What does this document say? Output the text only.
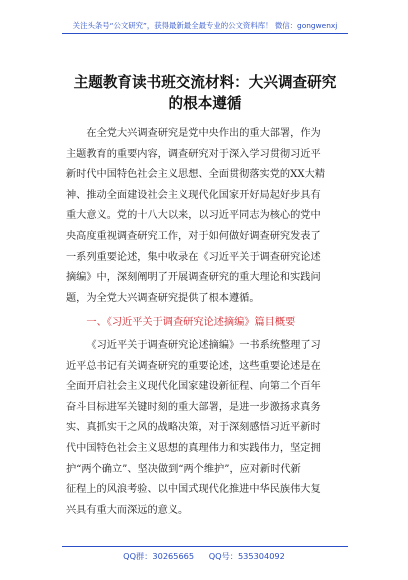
关注头条号“公文研究”，获得最新最全最专业的公文资料库！ 微信：gongwenxj
主题教育读书班交流材料：大兴调查研究
的根本遵循
在全党大兴调查研究是党中央作出的重大部署，作为
主题教育的重要内容，调查研究对于深入学习贯彻习近平
新时代中国特色社会主义思想、全面贯彻落实党的XX大精
神、推动全面建设社会主义现代化国家开好局起好步具有
重大意义。党的十八大以来，以习近平同志为核心的党中
央高度重视调查研究工作，对于如何做好调查研究发表了
一系列重要论述，集中收录在《习近平关于调查研究论述
摘编》中，深刻阐明了开展调查研究的重大理论和实践问
题，为全党大兴调查研究提供了根本遵循。
一、《习近平关于调查研究论述摘编》篇目概要
《习近平关于调查研究论述摘编》一书系统整理了习
近平总书记有关调查研究的重要论述，这些重要论述是在
全面开启社会主义现代化国家建设新征程、向第二个百年
奋斗目标进军关键时刻的重大部署，是进一步激扬求真务
实、真抓实干之风的战略决策，对于深刻感悟习近平新时
代中国特色社会主义思想的真理伟力和实践伟力，坚定拥
护“两个确立”、坚决做到“两个维护”，应对新时代新
征程上的风浪考验、以中国式现代化推进中华民族伟大复
兴具有重大而深远的意义。
QQ群：30265665 QQ号：535304092
